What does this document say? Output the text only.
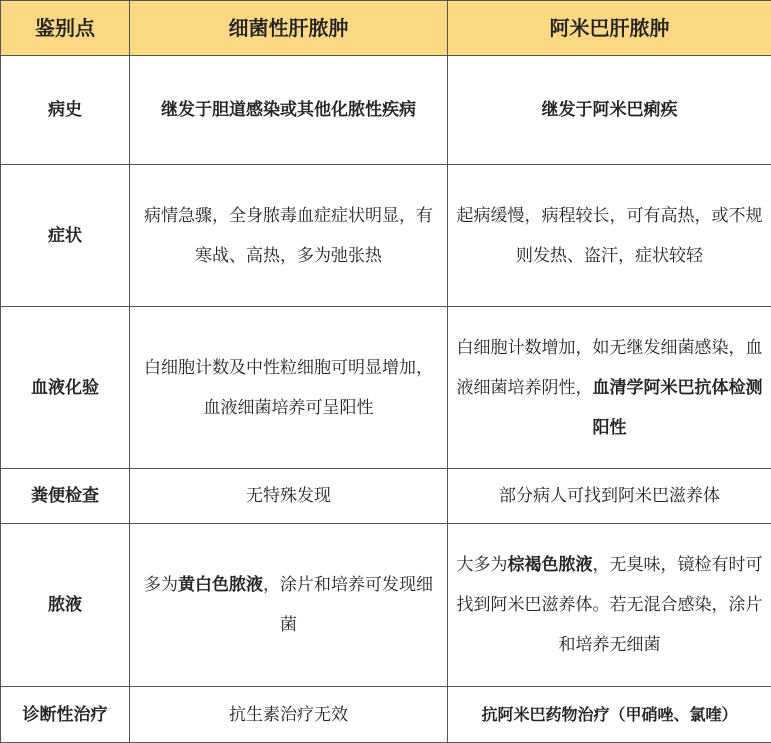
鉴别点	细菌性肝脓肿	阿米巴肝脓肿
病史	继发于胆道感染或其他化脓性疾病	继发于阿米巴痢疾
症状	病情急骤，全身脓毒血症症状明显，有寒战、高热，多为弛张热	起病缓慢，病程较长，可有高热，或不规则发热、盗汗，症状较轻
血液化验	白细胞计数及中性粒细胞可明显增加，血液细菌培养可呈阳性	白细胞计数增加，如无继发细菌感染，血液细菌培养阴性，血清学阿米巴抗体检测阳性
粪便检查	无特殊发现	部分病人可找到阿米巴滋养体
脓液	多为黄白色脓液，涂片和培养可发现细菌	大多为棕褐色脓液，无臭味，镜检有时可找到阿米巴滋养体。若无混合感染，涂片和培养无细菌
诊断性治疗	抗生素治疗无效	抗阿米巴药物治疗（甲硝唑、氯喹）
